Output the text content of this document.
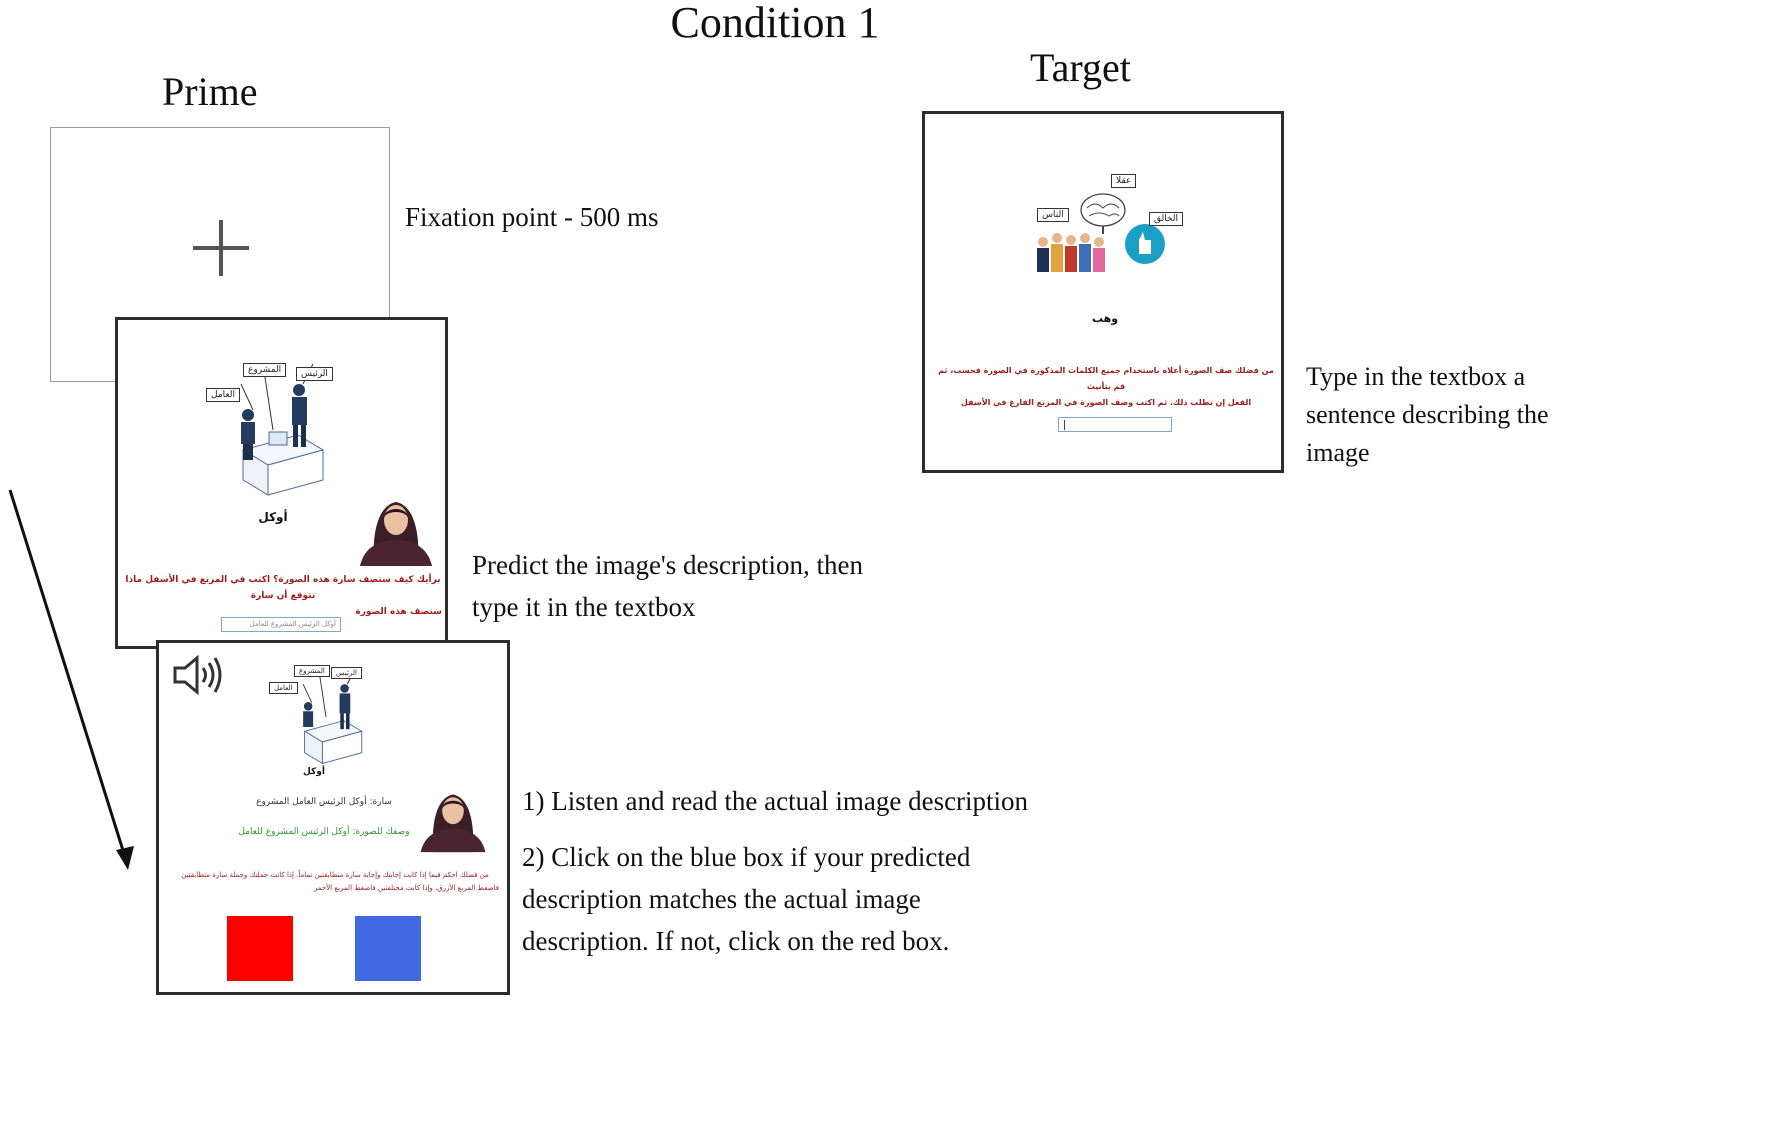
Condition 1
Prime
Target
Fixation point - 500 ms
العامل
المشروع	الرئيس
أوكل
برأيك كيف ستصف سارة هذه الصورة؟ اكتب في المربع في الأسفل ماذا تتوقع أن سارة
ستصف هذه الصورة
أوكل الرئيس المشروع للعامل
Predict the image's description, then
type it in the textbox
العامل
المشروع	الرئيس
أوكل
سارة: أوكل الرئيس العامل المشروع
وصفك للصورة: أوكل الرئيس المشروع للعامل
من فضلك احكم فيما إذا كانت إجابتك وإجابة سارة متطابقتين تماماً. إذا كانت جملتك وجملة سارة متطابقتين
فاضغط المربع الأزرق، وإذا كانت مختلفتين فاضغط المربع الأحمر
1) Listen and read the actual image description
2) Click on the blue box if your predicted
description matches the actual image
description. If not, click on the red box.
الناس
عقلا
الخالق
وهب
من فضلك صف الصورة أعلاه باستخدام جميع الكلمات المذكورة في الصورة فحسب، ثم قم بتأنيث
الفعل إن تطلب ذلك. ثم اكتب وصف الصورة في المربع الفارغ في الأسفل
Type in the textbox a
sentence describing the
image
